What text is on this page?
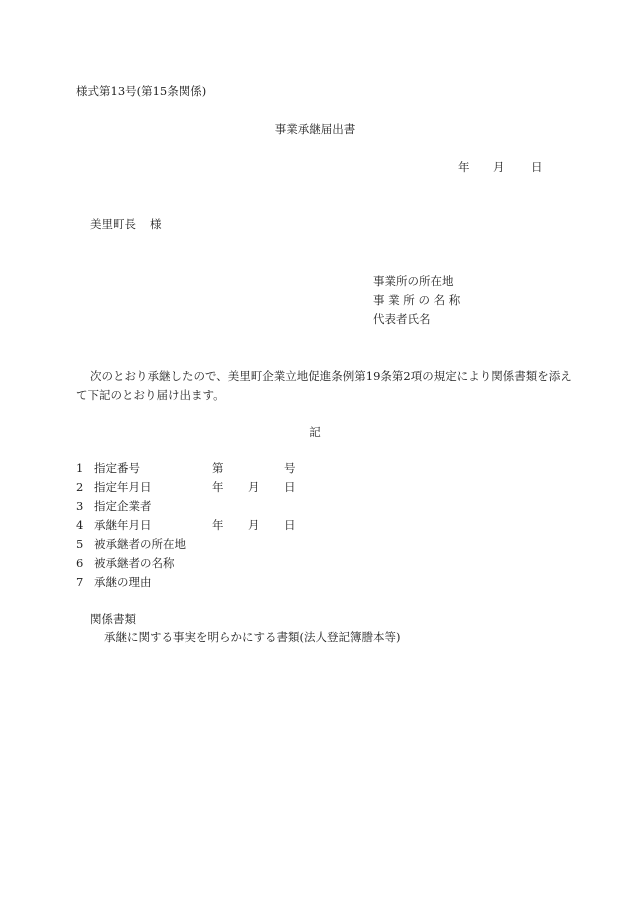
様式第13号(第15条関係)
事業承継届出書
年 月 日
美里町長 様
事業所の所在地
事 業 所 の 名 称
代表者氏名
次のとおり承継したので、美里町企業立地促進条例第19条第2項の規定により関係書類を添えて下記のとおり届け出ます。
記
1 指定番号	第	号
2 指定年月日	年 月 日
3 指定企業者
4 承継年月日	年 月 日
5 被承継者の所在地
6 被承継者の名称
7 承継の理由
関係書類
承継に関する事実を明らかにする書類(法人登記簿謄本等)
